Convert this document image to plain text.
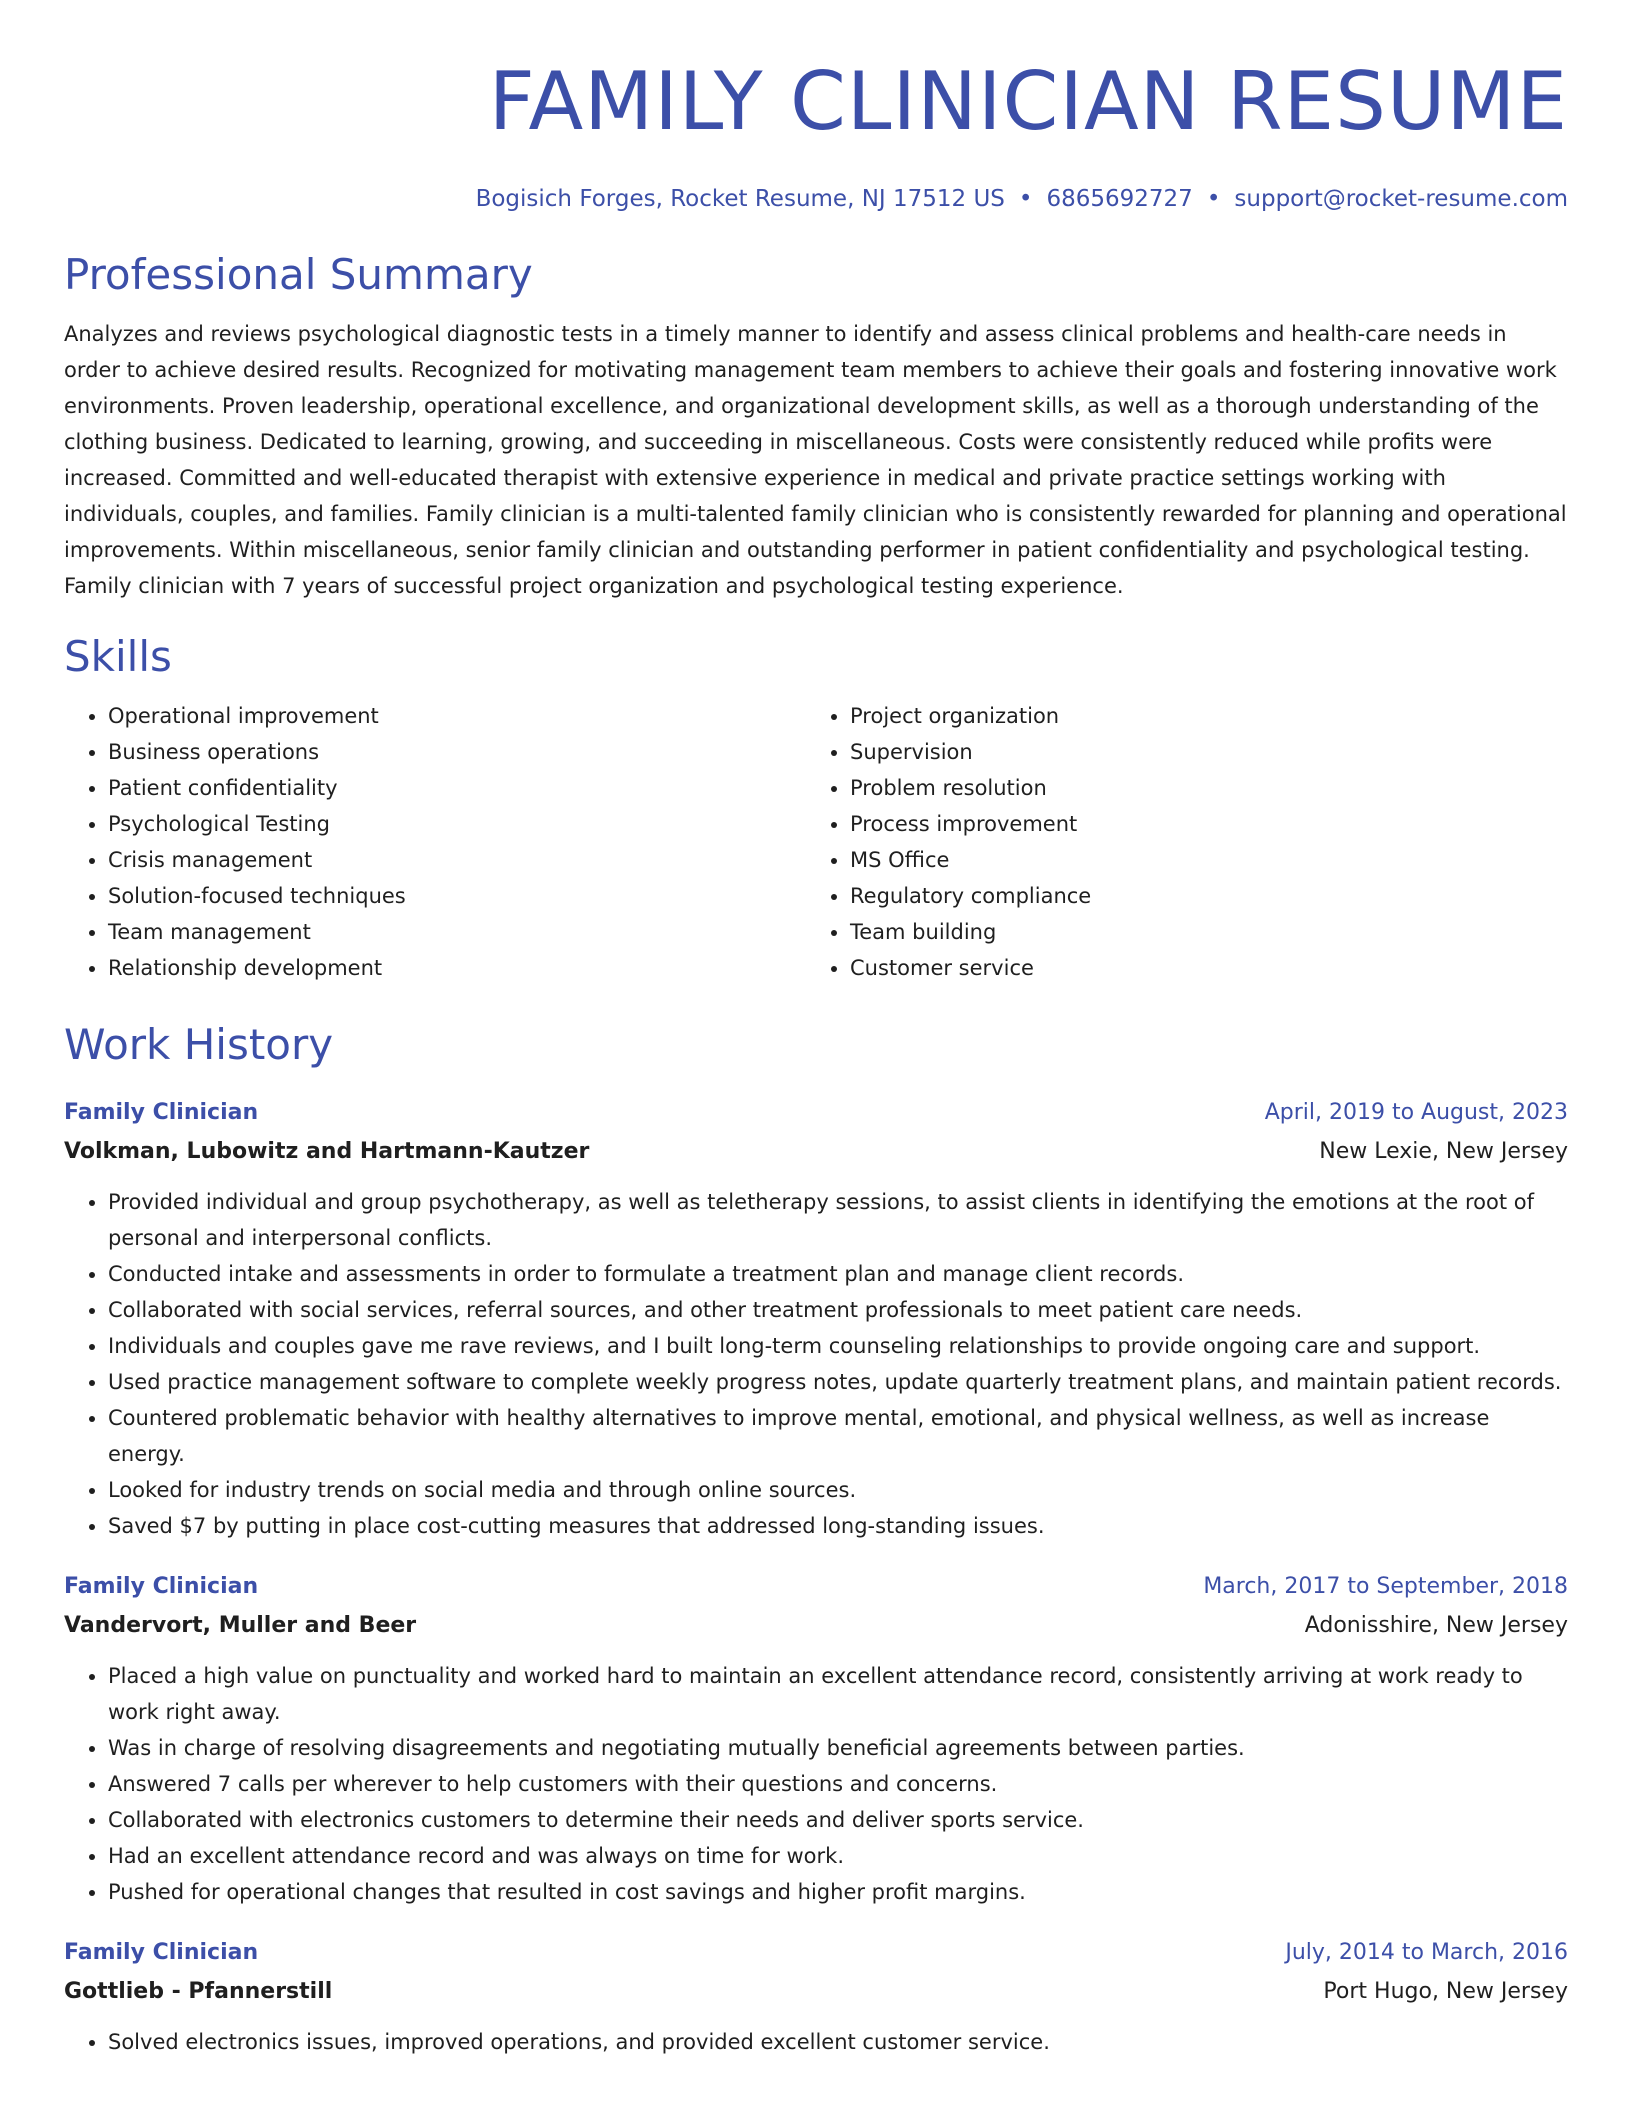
FAMILY CLINICIAN RESUME
Bogisich Forges, Rocket Resume, NJ 17512 US • 6865692727 • support@rocket-resume.com
Professional Summary

Analyzes and reviews psychological diagnostic tests in a timely manner to identify and assess clinical problems and health-care needs in order to achieve desired results. Recognized for motivating management team members to achieve their goals and fostering innovative work environments. Proven leadership, operational excellence, and organizational development skills, as well as a thorough understanding of the clothing business. Dedicated to learning, growing, and succeeding in miscellaneous. Costs were consistently reduced while profits were increased. Committed and well-educated therapist with extensive experience in medical and private practice settings working with individuals, couples, and families. Family clinician is a multi-talented family clinician who is consistently rewarded for planning and operational improvements. Within miscellaneous, senior family clinician and outstanding performer in patient confidentiality and psychological testing. Family clinician with 7 years of successful project organization and psychological testing experience.

Skills
• Operational improvement
• Business operations
• Patient confidentiality
• Psychological Testing
• Crisis management
• Solution-focused techniques
• Team management
• Relationship development
• Project organization
• Supervision
• Problem resolution
• Process improvement
• MS Office
• Regulatory compliance
• Team building
• Customer service
Work History
Family Clinician	April, 2019 to August, 2023
Volkman, Lubowitz and Hartmann-Kautzer	New Lexie, New Jersey
• Provided individual and group psychotherapy, as well as teletherapy sessions, to assist clients in identifying the emotions at the root of personal and interpersonal conflicts.
• Conducted intake and assessments in order to formulate a treatment plan and manage client records.
• Collaborated with social services, referral sources, and other treatment professionals to meet patient care needs.
• Individuals and couples gave me rave reviews, and I built long-term counseling relationships to provide ongoing care and support.
• Used practice management software to complete weekly progress notes, update quarterly treatment plans, and maintain patient records.
• Countered problematic behavior with healthy alternatives to improve mental, emotional, and physical wellness, as well as increase energy.
• Looked for industry trends on social media and through online sources.
• Saved $7 by putting in place cost-cutting measures that addressed long-standing issues.
Family Clinician	March, 2017 to September, 2018
Vandervort, Muller and Beer	Adonisshire, New Jersey
• Placed a high value on punctuality and worked hard to maintain an excellent attendance record, consistently arriving at work ready to work right away.
• Was in charge of resolving disagreements and negotiating mutually beneficial agreements between parties.
• Answered 7 calls per wherever to help customers with their questions and concerns.
• Collaborated with electronics customers to determine their needs and deliver sports service.
• Had an excellent attendance record and was always on time for work.
• Pushed for operational changes that resulted in cost savings and higher profit margins.
Family Clinician	July, 2014 to March, 2016
Gottlieb - Pfannerstill	Port Hugo, New Jersey
• Solved electronics issues, improved operations, and provided excellent customer service.
